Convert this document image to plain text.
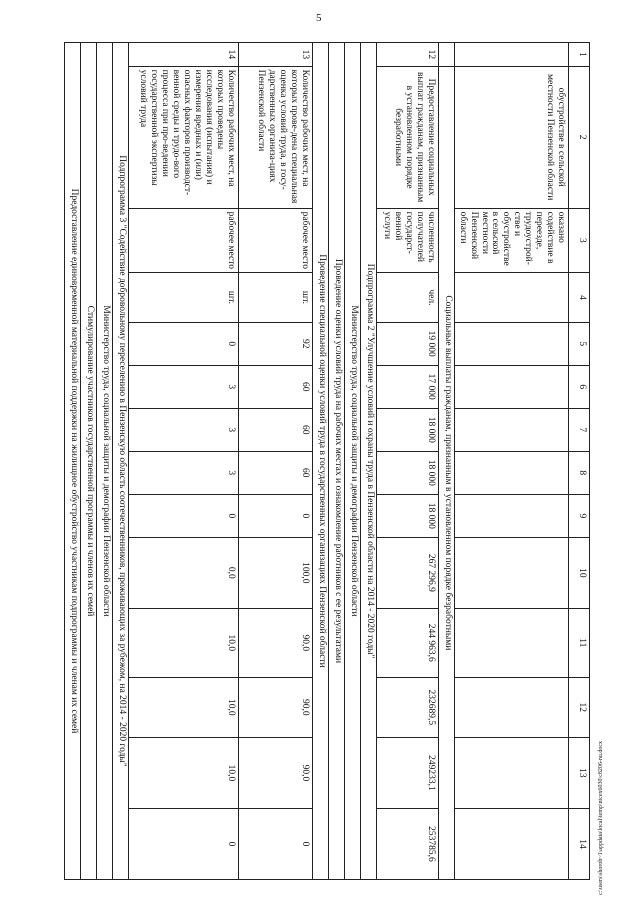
5
1	2	3	4	5	6	7	8	9	10	11	12	13	14
	обустройстве в сельской местности Пензенской области	оказано содействие в переезде, трудоустрой-стве и обустройстве в сельской местности Пензенской области											
	Социальные выплаты гражданам, признанным в установленном порядке безработными												
12	Предоставление социальных выплат гражданам, признанным в установленном порядке безработными	численность получателей государст-венной услуги	чел.	19 000	17 000	18 000	18 000	18 000	267 296,9	244 963,6	232689,5	249233,1	253785,6
Подпрограмма 2 "Улучшение условий и охраны труда в Пензенской области на 2014 - 2020 годы"													
Министерство труда, социальной защиты и демографии Пензенской области													
Проведение оценки условий труда на рабочих местах и ознакомление работников с ее результатами													
Проведение специальной оценки условий труда в государственных организациях Пензенской области													
13	Количество рабочих мест, на которых прове-дена специальная оценка условий труда, в госу-дарственных организа-циях Пензенской области	рабочее место	шт.	92	60	60	60	0	100,0	90,0	90,0	90,0	0
14	Количество рабочих мест, на которых проведены исследования (испытания) и измерения вредных и (или) опасных факторов производст-венной среды и трудо-вого процесса при про-ведении государственной экспертизы условий труда	рабочее место	шт.	0	3	3	3	0	0,0	10,0	10,0	10,0	0
Подпрограмма 3 "Содействие добровольному переселению в Пензенскую область соотечественников, проживающих за рубежом, на 2014 - 2020 годы"													
Министерство труда, социальной защиты и демографии Пензенской области													
Стимулирование участников государственной программы и членов их семей													
Предоставление единовременной материальной поддержки на жилищное обустройство участникам подпрограммы и членам их семей													
c:\users\shorob~1\appdata\local\temp\ntcex6030\c8206-nu.docx
